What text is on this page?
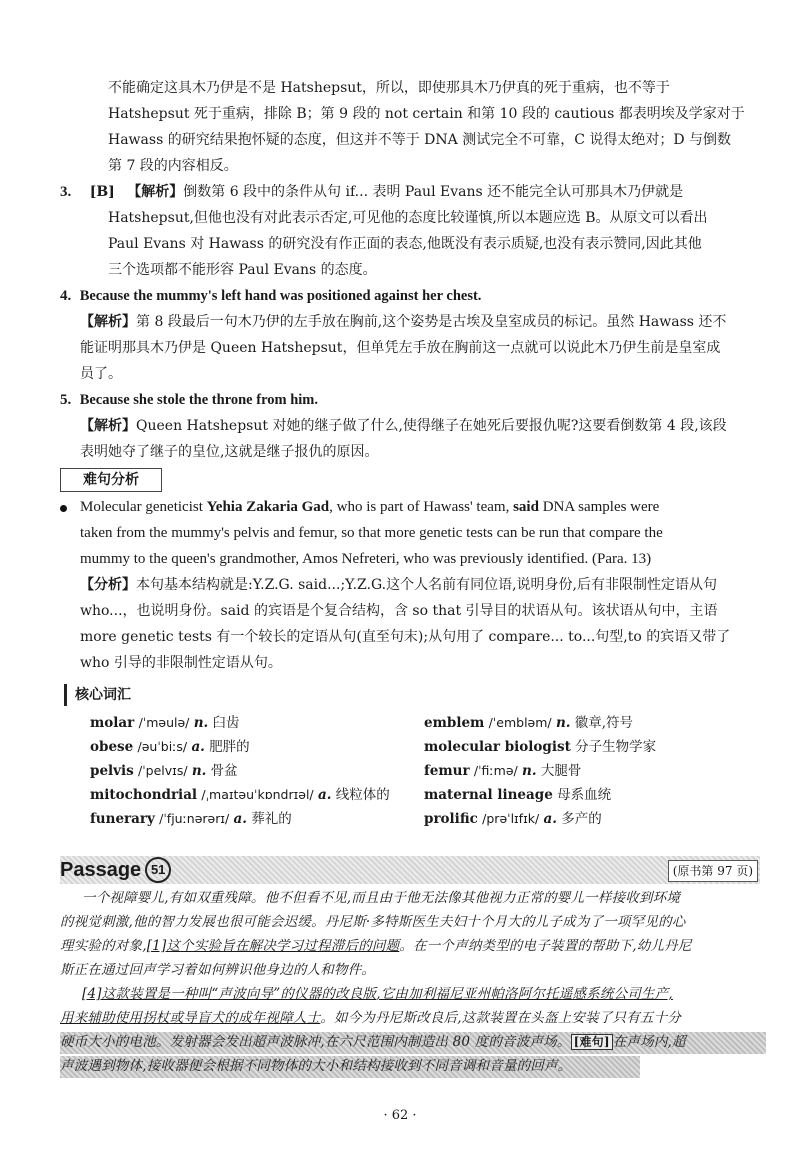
不能确定这具木乃伊是不是 Hatshepsut，所以，即使那具木乃伊真的死于重病，也不等于
Hatshepsut 死于重病，排除 B；第 9 段的 not certain 和第 10 段的 cautious 都表明埃及学家对于
Hawass 的研究结果抱怀疑的态度，但这并不等于 DNA 测试完全不可靠，C 说得太绝对；D 与倒数
第 7 段的内容相反。
3. [B] 【解析】倒数第 6 段中的条件从句 if... 表明 Paul Evans 还不能完全认可那具木乃伊就是
Hatshepsut,但他也没有对此表示否定,可见他的态度比较谨慎,所以本题应选 B。从原文可以看出
Paul Evans 对 Hawass 的研究没有作正面的表态,他既没有表示质疑,也没有表示赞同,因此其他
三个选项都不能形容 Paul Evans 的态度。
4. Because the mummy's left hand was positioned against her chest.
【解析】第 8 段最后一句木乃伊的左手放在胸前,这个姿势是古埃及皇室成员的标记。虽然 Hawass 还不
能证明那具木乃伊是 Queen Hatshepsut，但单凭左手放在胸前这一点就可以说此木乃伊生前是皇室成
员了。
5. Because she stole the throne from him.
【解析】Queen Hatshepsut 对她的继子做了什么,使得继子在她死后要报仇呢?这要看倒数第 4 段,该段
表明她夺了继子的皇位,这就是继子报仇的原因。
难句分析
Molecular geneticist Yehia Zakaria Gad, who is part of Hawass' team, said DNA samples were
taken from the mummy's pelvis and femur, so that more genetic tests can be run that compare the
mummy to the queen's grandmother, Amos Nefreteri, who was previously identified. (Para. 13)
【分析】本句基本结构就是:Y.Z.G. said...;Y.Z.G.这个人名前有同位语,说明身份,后有非限制性定语从句
who...，也说明身份。said 的宾语是个复合结构，含 so that 引导目的状语从句。该状语从句中，主语
more genetic tests 有一个较长的定语从句(直至句末);从句用了 compare... to...句型,to 的宾语又带了
who 引导的非限制性定语从句。
核心词汇
molar /ˈməulə/ n. 臼齿	emblem /ˈembləm/ n. 徽章,符号
obese /əuˈbiːs/ a. 肥胖的	molecular biologist 分子生物学家
pelvis /ˈpelvɪs/ n. 骨盆	femur /ˈfiːmə/ n. 大腿骨
mitochondrial /ˌmaɪtəuˈkɒndrɪəl/ a. 线粒体的	maternal lineage 母系血统
funerary /ˈfjuːnərərɪ/ a. 葬礼的	prolific /prəˈlɪfɪk/ a. 多产的
Passage 51	(原书第 97 页)
一个视障婴儿,有如双重残障。他不但看不见,而且由于他无法像其他视力正常的婴儿一样接收到环境
的视觉刺激,他的智力发展也很可能会迟缓。丹尼斯·多特斯医生夫妇十个月大的儿子成为了一项罕见的心
理实验的对象,[1]这个实验旨在解决学习过程滞后的问题。在一个声纳类型的电子装置的帮助下,幼儿丹尼
斯正在通过回声学习着如何辨识他身边的人和物件。
[4]这款装置是一种叫“声波向导”的仪器的改良版,它由加利福尼亚州帕洛阿尔托遥感系统公司生产,
用来辅助使用拐杖或导盲犬的成年视障人士。如今为丹尼斯改良后,这款装置在头盔上安装了只有五十分
硬币大小的电池。发射器会发出超声波脉冲,在六尺范围内制造出 80 度的音波声场。 [难句] 在声场内,超
声波遇到物体,接收器便会根据不同物体的大小和结构接收到不同音调和音量的回声。
· 62 ·
